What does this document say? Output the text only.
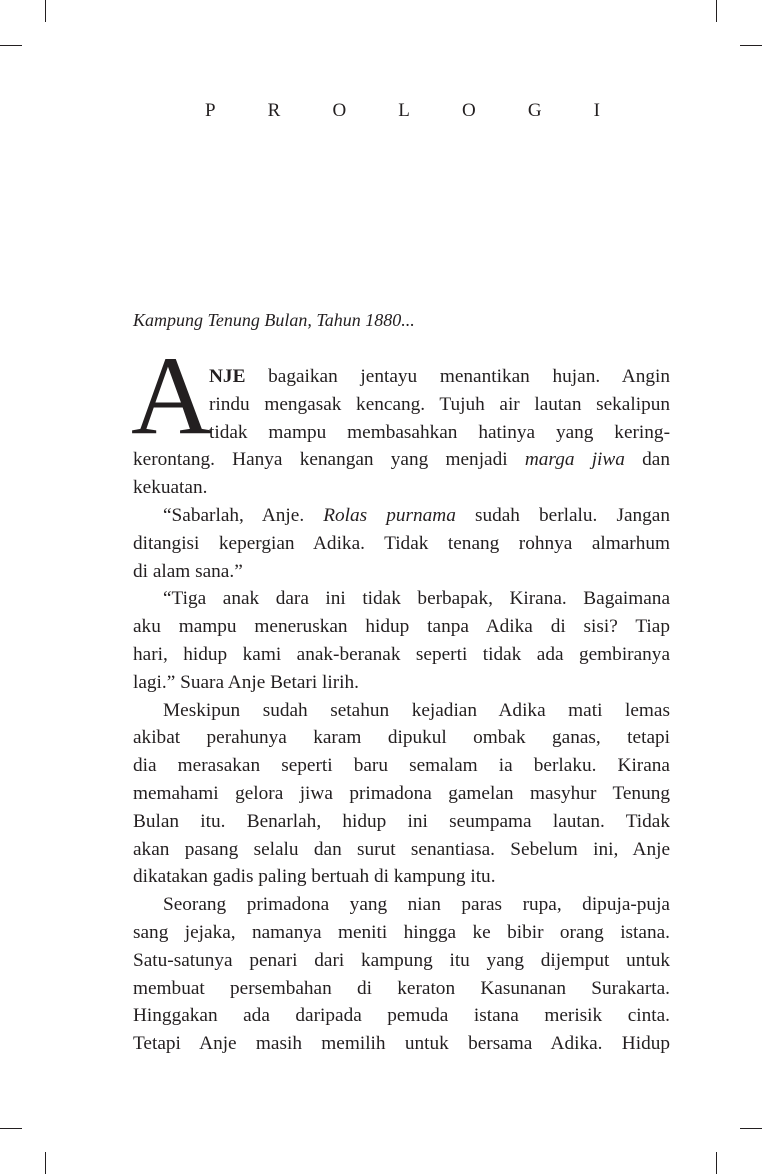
P	R	O	L	O	G	I
Kampung Tenung Bulan, Tahun 1880...
A
NJE bagaikan jentayu menantikan hujan. Angin
rindu mengasak kencang. Tujuh air lautan sekalipun
tidak mampu membasahkan hatinya yang kering-
kerontang. Hanya kenangan yang menjadi marga jiwa dan
kekuatan.
“Sabarlah, Anje. Rolas purnama sudah berlalu. Jangan
ditangisi kepergian Adika. Tidak tenang rohnya almarhum
di alam sana.”
“Tiga anak dara ini tidak berbapak, Kirana. Bagaimana
aku mampu meneruskan hidup tanpa Adika di sisi? Tiap
hari, hidup kami anak-beranak seperti tidak ada gembiranya
lagi.” Suara Anje Betari lirih.
Meskipun sudah setahun kejadian Adika mati lemas
akibat perahunya karam dipukul ombak ganas, tetapi
dia merasakan seperti baru semalam ia berlaku. Kirana
memahami gelora jiwa primadona gamelan masyhur Tenung
Bulan itu. Benarlah, hidup ini seumpama lautan. Tidak
akan pasang selalu dan surut senantiasa. Sebelum ini, Anje
dikatakan gadis paling bertuah di kampung itu.
Seorang primadona yang nian paras rupa, dipuja-puja
sang jejaka, namanya meniti hingga ke bibir orang istana.
Satu-satunya penari dari kampung itu yang dijemput untuk
membuat persembahan di keraton Kasunanan Surakarta.
Hinggakan ada daripada pemuda istana merisik cinta.
Tetapi Anje masih memilih untuk bersama Adika. Hidup
